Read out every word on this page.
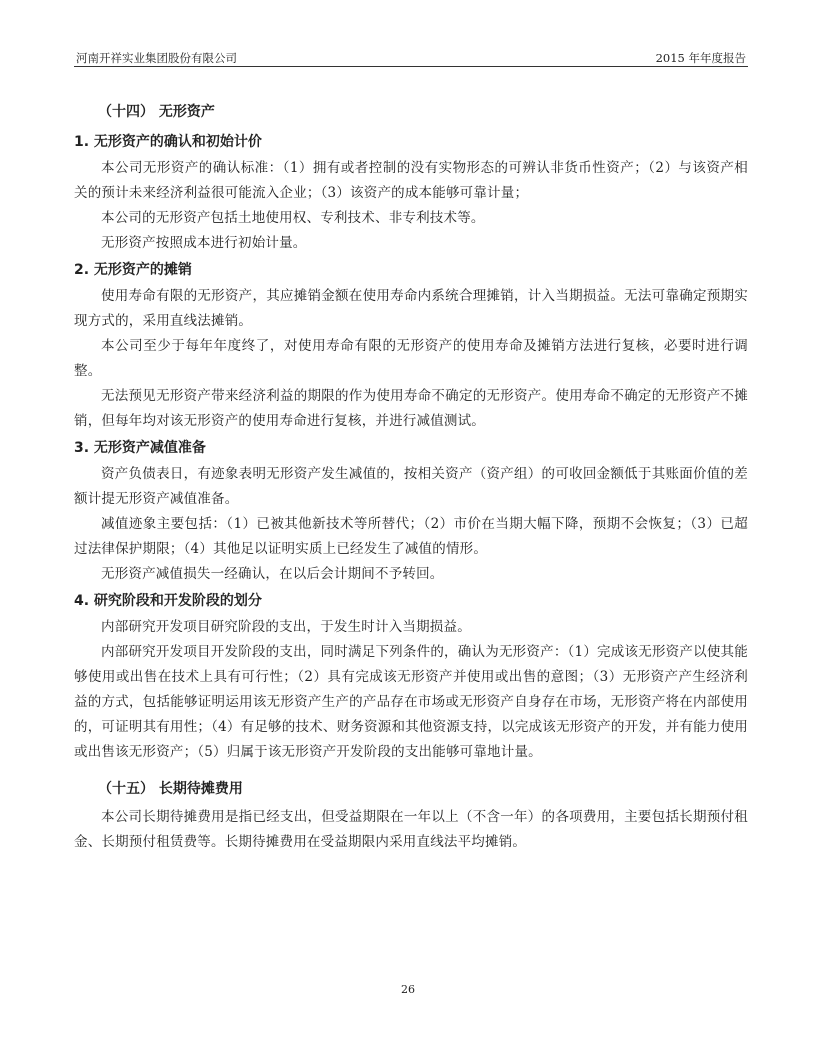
河南开祥实业集团股份有限公司	2015 年年度报告
（十四） 无形资产
1. 无形资产的确认和初始计价

本公司无形资产的确认标准：（1）拥有或者控制的没有实物形态的可辨认非货币性资产；（2）与该资产相关的预计未来经济利益很可能流入企业；（3）该资产的成本能够可靠计量；

本公司的无形资产包括土地使用权、专利技术、非专利技术等。

无形资产按照成本进行初始计量。

2. 无形资产的摊销

使用寿命有限的无形资产，其应摊销金额在使用寿命内系统合理摊销，计入当期损益。无法可靠确定预期实现方式的，采用直线法摊销。

本公司至少于每年年度终了，对使用寿命有限的无形资产的使用寿命及摊销方法进行复核，必要时进行调整。

无法预见无形资产带来经济利益的期限的作为使用寿命不确定的无形资产。使用寿命不确定的无形资产不摊销，但每年均对该无形资产的使用寿命进行复核，并进行减值测试。

3. 无形资产减值准备

资产负债表日，有迹象表明无形资产发生减值的，按相关资产（资产组）的可收回金额低于其账面价值的差额计提无形资产减值准备。

减值迹象主要包括：（1）已被其他新技术等所替代；（2）市价在当期大幅下降，预期不会恢复；（3）已超过法律保护期限；（4）其他足以证明实质上已经发生了减值的情形。

无形资产减值损失一经确认，在以后会计期间不予转回。

4. 研究阶段和开发阶段的划分

内部研究开发项目研究阶段的支出，于发生时计入当期损益。

内部研究开发项目开发阶段的支出，同时满足下列条件的，确认为无形资产：（1）完成该无形资产以使其能够使用或出售在技术上具有可行性；（2）具有完成该无形资产并使用或出售的意图；（3）无形资产产生经济利益的方式，包括能够证明运用该无形资产生产的产品存在市场或无形资产自身存在市场，无形资产将在内部使用的，可证明其有用性；（4）有足够的技术、财务资源和其他资源支持，以完成该无形资产的开发，并有能力使用或出售该无形资产；（5）归属于该无形资产开发阶段的支出能够可靠地计量。

（十五） 长期待摊费用

本公司长期待摊费用是指已经支出，但受益期限在一年以上（不含一年）的各项费用，主要包括长期预付租金、长期预付租赁费等。长期待摊费用在受益期限内采用直线法平均摊销。

26
